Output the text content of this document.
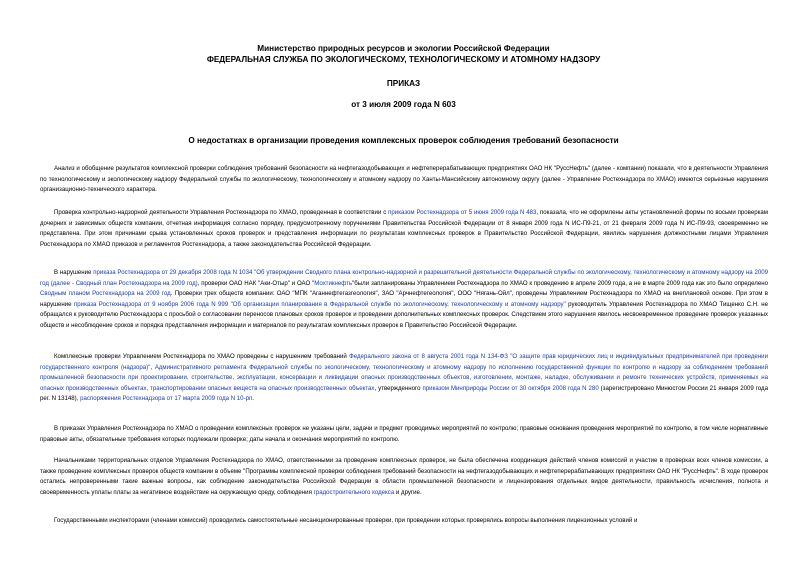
Министерство природных ресурсов и экологии Российской Федерации
ФЕДЕРАЛЬНАЯ СЛУЖБА ПО ЭКОЛОГИЧЕСКОМУ, ТЕХНОЛОГИЧЕСКОМУ И АТОМНОМУ НАДЗОРУ
ПРИКАЗ
от 3 июля 2009 года N 603
О недостатках в организации проведения комплексных проверок соблюдения требований безопасности
Анализ и обобщение результатов комплексной проверки соблюдения требований безопасности на нефтегазодобывающих и нефтеперерабатывающих предприятиях ОАО НК "РуссНефть" (далее - компании) показали, что в деятельности Управления по технологическому и экологическому надзору Федеральной службы по экологическому, технологическому и атомному надзору по Ханты-Мансийскому автономному округу (далее - Управление Ростехнадзора по ХМАО) имеются серьезные нарушения организационно-технического характера.
Проверка контрольно-надзорной деятельности Управления Ростехнадзора по ХМАО, проведенная в соответствии с приказом Ростехнадзора от 5 июня 2009 года N 483, показала, что не оформлены акты установленной формы по восьми проверкам дочерних и зависимых обществ компании, отчетная информация согласно порядку, предусмотренному поручениями Правительства Российской Федерации от 8 января 2009 года N ИС-П9-21, от 21 февраля 2009 года N ИС-П9-93, своевременно не представлена. При этом причинами срыва установленных сроков проверок и представления информации по результатам комплексных проверок в Правительство Российской Федерации, явились нарушения должностными лицами Управления Ростехнадзора по ХМАО приказов и регламентов Ростехнадзора, а также законодательства Российской Федерации.
В нарушение приказа Ростехнадзора от 29 декабря 2008 года N 1034 "Об утверждении Сводного плана контрольно-надзорной и разрешительной деятельности Федеральной службы по экологическому, технологическому и атомному надзору на 2009 год (далее - Сводный план Ростехнадзора на 2009 год), проверки ОАО НАК "Аки-Отыр" и ОАО "Мохтикнефть"были запланированы Управлением Ростехнадзора по ХМАО к проведению в апреле 2009 года, а не в марте 2009 года как это было определено Сводным планом Ростехнадзора на 2009 год. Проверки трех обществ компании: ОАО "МПК "Аганнефтегазгеология", ЗАО "Арчнефтегеология", ООО "Нягань-Ойл", проведены Управлением Ростехнадзора по ХМАО на внеплановой основе. При этом в нарушение приказа Ростехнадзора от 9 ноября 2006 года N 999 "Об организации планирования в Федеральной службе по экологическому, технологическому и атомному надзору" руководитель Управления Ростехнадзора по ХМАО Тищенко С.Н. не обращался к руководителю Ростехнадзора с просьбой о согласовании переносов плановых сроков проверок и проведении дополнительных комплексных проверок. Следствием этого нарушения явилось несвоевременное проведение проверок указанных обществ и несоблюдение сроков и порядка представления информации и материалов по результатам комплексных проверок в Правительство Российской Федерации.
Комплексные проверки Управлением Ростехнадзора по ХМАО проведены с нарушением требований Федерального закона от 8 августа 2001 года N 134-ФЗ "О защите прав юридических лиц и индивидуальных предпринимателей при проведении государственного контроля (надзора)", Административного регламента Федеральной службы по экологическому, технологическому и атомному надзору по исполнению государственной функции по контролю и надзору за соблюдением требований промышленной безопасности при проектировании, строительстве, эксплуатации, консервации и ликвидации опасных производственных объектов, изготовлении, монтаже, наладке, обслуживании и ремонте технических устройств, применяемых на опасных производственных объектах, транспортировании опасных веществ на опасных производственных объектах, утвержденного приказом Минприроды России от 30 октября 2008 года N 280 (зарегистрировано Минюстом России 21 января 2009 года рег. N 13148), распоряжения Ростехнадзора от 17 марта 2009 года N 10-рп.
В приказах Управления Ростехнадзора по ХМАО о проведении комплексных проверок не указаны цели, задачи и предмет проводимых мероприятий по контролю; правовые основания проведения мероприятий по контролю, в том числе нормативные правовые акты, обязательные требования которых подлежали проверке; даты начала и окончания мероприятий по контролю.
Начальниками территориальных отделов Управления Ростехнадзора по ХМАО, ответственными за проведение комплексных проверок, не была обеспечена координация действий членов комиссий и участие в проверках всех членов комиссии, а также проведение комплексных проверок обществ компании в объеме "Программы комплексной проверки соблюдения требований безопасности на нефтегазодобывающих и нефтеперерабатывающих предприятиях ОАО НК "РуссНефть". В ходе проверок остались непроверенными такие важные вопросы, как соблюдение законодательства Российской Федерации в области промышленной безопасности и лицензирования отдельных видов деятельности, правильность исчисления, полнота и своевременность уплаты платы за негативное воздействие на окружающую среду, соблюдения градостроительного кодекса и другие.
Государственными инспекторами (членами комиссий) проводились самостоятельные несанкционированные проверки, при проведении которых проверялись вопросы выполнения лицензионных условий и
